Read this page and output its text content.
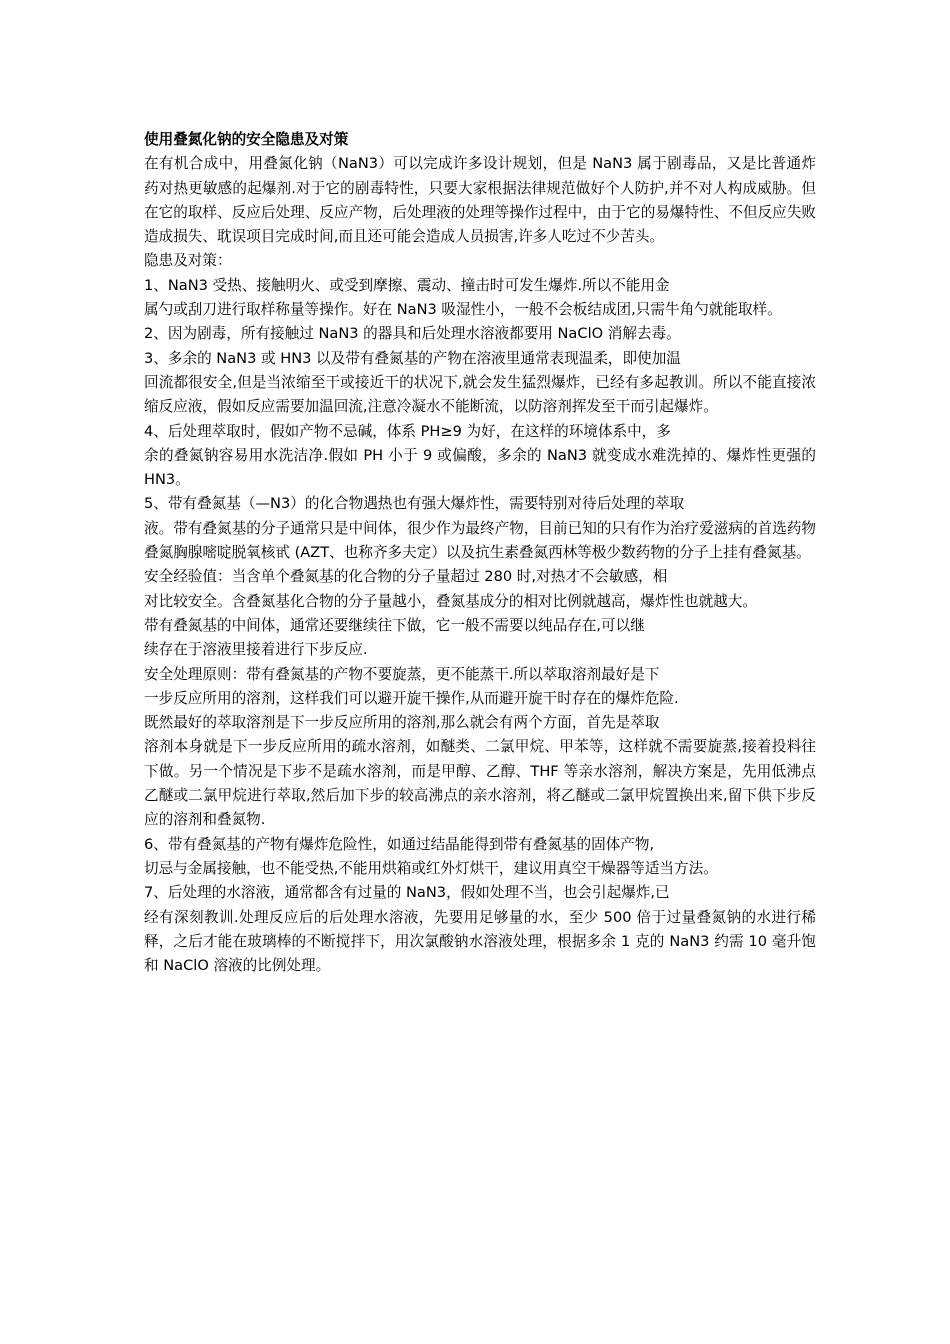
使用叠氮化钠的安全隐患及对策

在有机合成中，用叠氮化钠（NaN3）可以完成许多设计规划，但是 NaN3 属于剧毒品，又是比普通炸药对热更敏感的起爆剂.对于它的剧毒特性，只要大家根据法律规范做好个人防护,并不对人构成威胁。但在它的取样、反应后处理、反应产物，后处理液的处理等操作过程中，由于它的易爆特性、不但反应失败造成损失、耽误项目完成时间,而且还可能会造成人员损害,许多人吃过不少苦头。

隐患及对策：

1、NaN3 受热、接触明火、或受到摩擦、震动、撞击时可发生爆炸.所以不能用金

属勺或刮刀进行取样称量等操作。好在 NaN3 吸湿性小，一般不会板结成团,只需牛角勺就能取样。

2、因为剧毒，所有接触过 NaN3 的器具和后处理水溶液都要用 NaClO 消解去毒。

3、多余的 NaN3 或 HN3 以及带有叠氮基的产物在溶液里通常表现温柔，即使加温

回流都很安全,但是当浓缩至干或接近干的状况下,就会发生猛烈爆炸，已经有多起教训。所以不能直接浓缩反应液，假如反应需要加温回流,注意冷凝水不能断流，以防溶剂挥发至干而引起爆炸。

4、后处理萃取时，假如产物不忌碱，体系 PH≥9 为好，在这样的环境体系中，多

余的叠氮钠容易用水洗洁净.假如 PH 小于 9 或偏酸，多余的 NaN3 就变成水难洗掉的、爆炸性更强的 HN3。

5、带有叠氮基（—N3）的化合物遇热也有强大爆炸性，需要特别对待后处理的萃取

液。带有叠氮基的分子通常只是中间体，很少作为最终产物，目前已知的只有作为治疗爱滋病的首选药物叠氮胸腺嘧啶脱氧核甙 (AZT、也称齐多夫定）以及抗生素叠氮西林等极少数药物的分子上挂有叠氮基。

安全经验值：当含单个叠氮基的化合物的分子量超过 280 时,对热才不会敏感，相

对比较安全。含叠氮基化合物的分子量越小，叠氮基成分的相对比例就越高，爆炸性也就越大。

带有叠氮基的中间体，通常还要继续往下做，它一般不需要以纯品存在,可以继

续存在于溶液里接着进行下步反应.

安全处理原则：带有叠氮基的产物不要旋蒸，更不能蒸干.所以萃取溶剂最好是下

一步反应所用的溶剂，这样我们可以避开旋干操作,从而避开旋干时存在的爆炸危险.

既然最好的萃取溶剂是下一步反应所用的溶剂,那么就会有两个方面，首先是萃取

溶剂本身就是下一步反应所用的疏水溶剂，如醚类、二氯甲烷、甲苯等，这样就不需要旋蒸,接着投料往下做。另一个情况是下步不是疏水溶剂，而是甲醇、乙醇、THF 等亲水溶剂，解决方案是，先用低沸点乙醚或二氯甲烷进行萃取,然后加下步的较高沸点的亲水溶剂，将乙醚或二氯甲烷置换出来,留下供下步反应的溶剂和叠氮物.

6、带有叠氮基的产物有爆炸危险性，如通过结晶能得到带有叠氮基的固体产物,

切忌与金属接触，也不能受热,不能用烘箱或红外灯烘干，建议用真空干燥器等适当方法。

7、后处理的水溶液，通常都含有过量的 NaN3，假如处理不当，也会引起爆炸,已

经有深刻教训.处理反应后的后处理水溶液，先要用足够量的水，至少 500 倍于过量叠氮钠的水进行稀释，之后才能在玻璃棒的不断搅拌下，用次氯酸钠水溶液处理，根据多余 1 克的 NaN3 约需 10 毫升饱和 NaClO 溶液的比例处理。
